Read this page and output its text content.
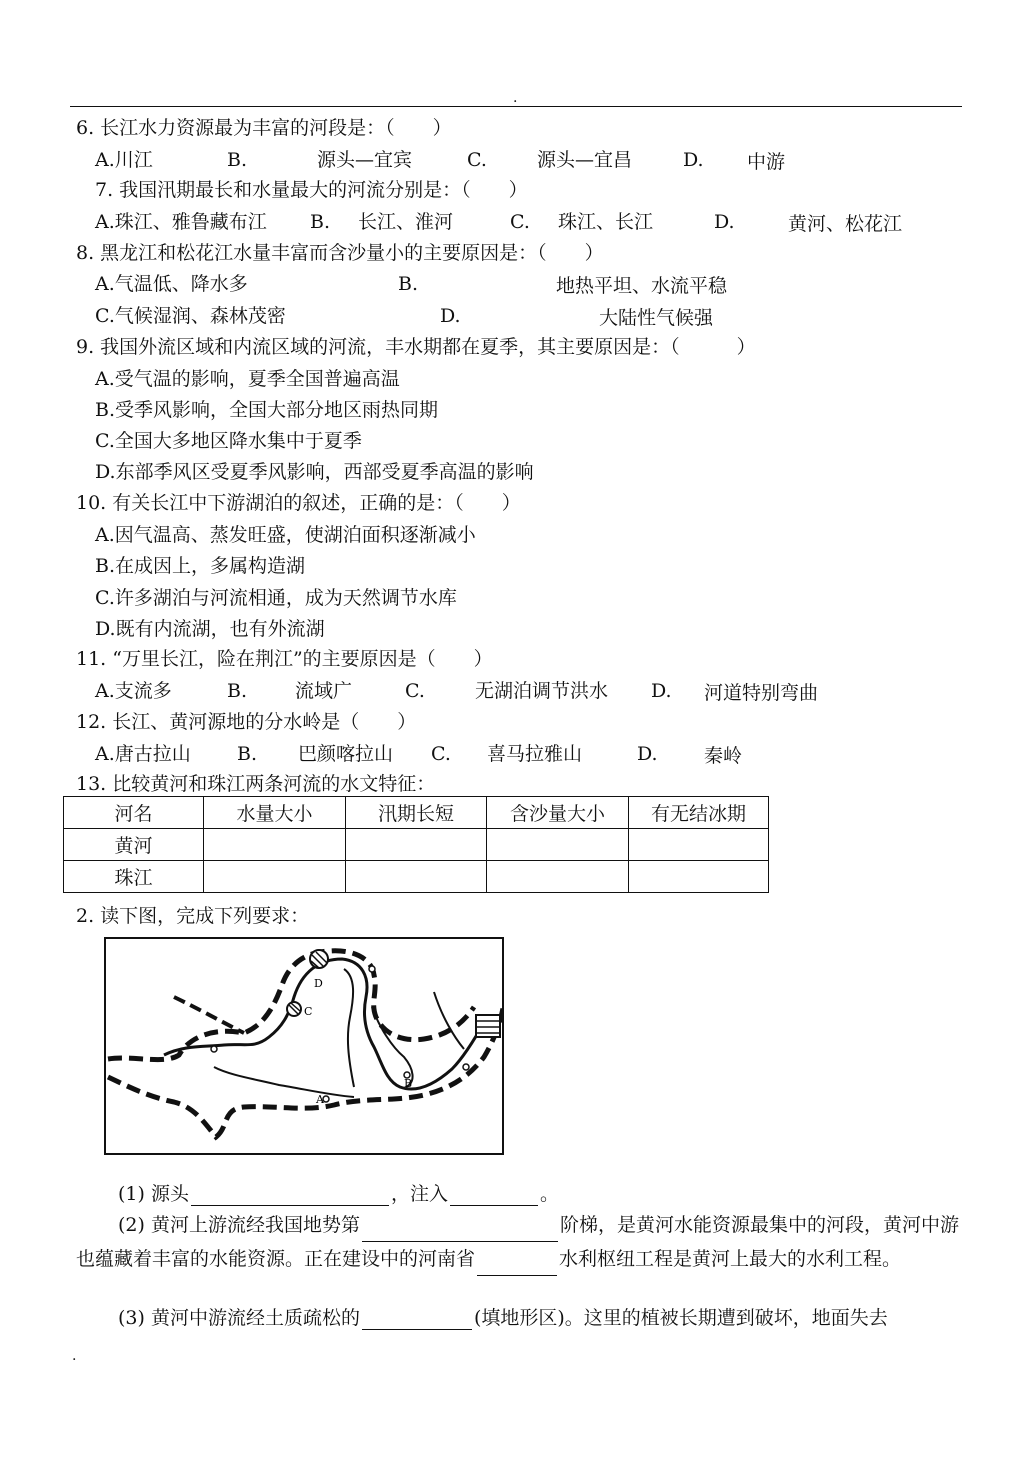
.
6. 长江水力资源最为丰富的河段是：（　　）
A.川江	B.	源头—宜宾	C.	源头—宜昌	D. 中游
7. 我国汛期最长和水量最大的河流分别是：（　　）
A.珠江、雅鲁藏布江 B. 长江、淮河	C. 珠江、长江	D.	黄河、松花江
8. 黑龙江和松花江水量丰富而含沙量小的主要原因是：（　　）
A.气温低、降水多	B.	地热平坦、水流平稳
C.气候湿润、森林茂密	D.	大陆性气候强
9. 我国外流区域和内流区域的河流，丰水期都在夏季，其主要原因是：（　　　）
A.受气温的影响，夏季全国普遍高温
B.受季风影响，全国大部分地区雨热同期
C.全国大多地区降水集中于夏季
D.东部季风区受夏季风影响，西部受夏季高温的影响
10. 有关长江中下游湖泊的叙述，正确的是：（　　）
A.因气温高、蒸发旺盛，使湖泊面积逐渐减小
B.在成因上，多属构造湖
C.许多湖泊与河流相通，成为天然调节水库
D.既有内流湖，也有外流湖
11. “万里长江，险在荆江”的主要原因是（　　）
A.支流多	B.	流域广	C.	无湖泊调节洪水 D. 河道特别弯曲
12. 长江、黄河源地的分水岭是（　　）
A.唐古拉山 B. 巴颜喀拉山 C. 喜马拉雅山	D. 秦岭
13. 比较黄河和珠江两条河流的水文特征：
河名	水量大小	汛期长短	含沙量大小	有无结冰期
黄河				
珠江				
2. 读下图，完成下列要求：
D
C
A
B
(1) 源头	，注入	。
(2) 黄河上游流经我国地势第	阶梯，是黄河水能资源最集中的河段，黄河中游也蕴藏着丰富的水能资源。正在建设中的河南省	水利枢纽工程是黄河上最大的水利工程。
(3) 黄河中游流经土质疏松的	(填地形区)。这里的植被长期遭到破坏，地面失去
.
